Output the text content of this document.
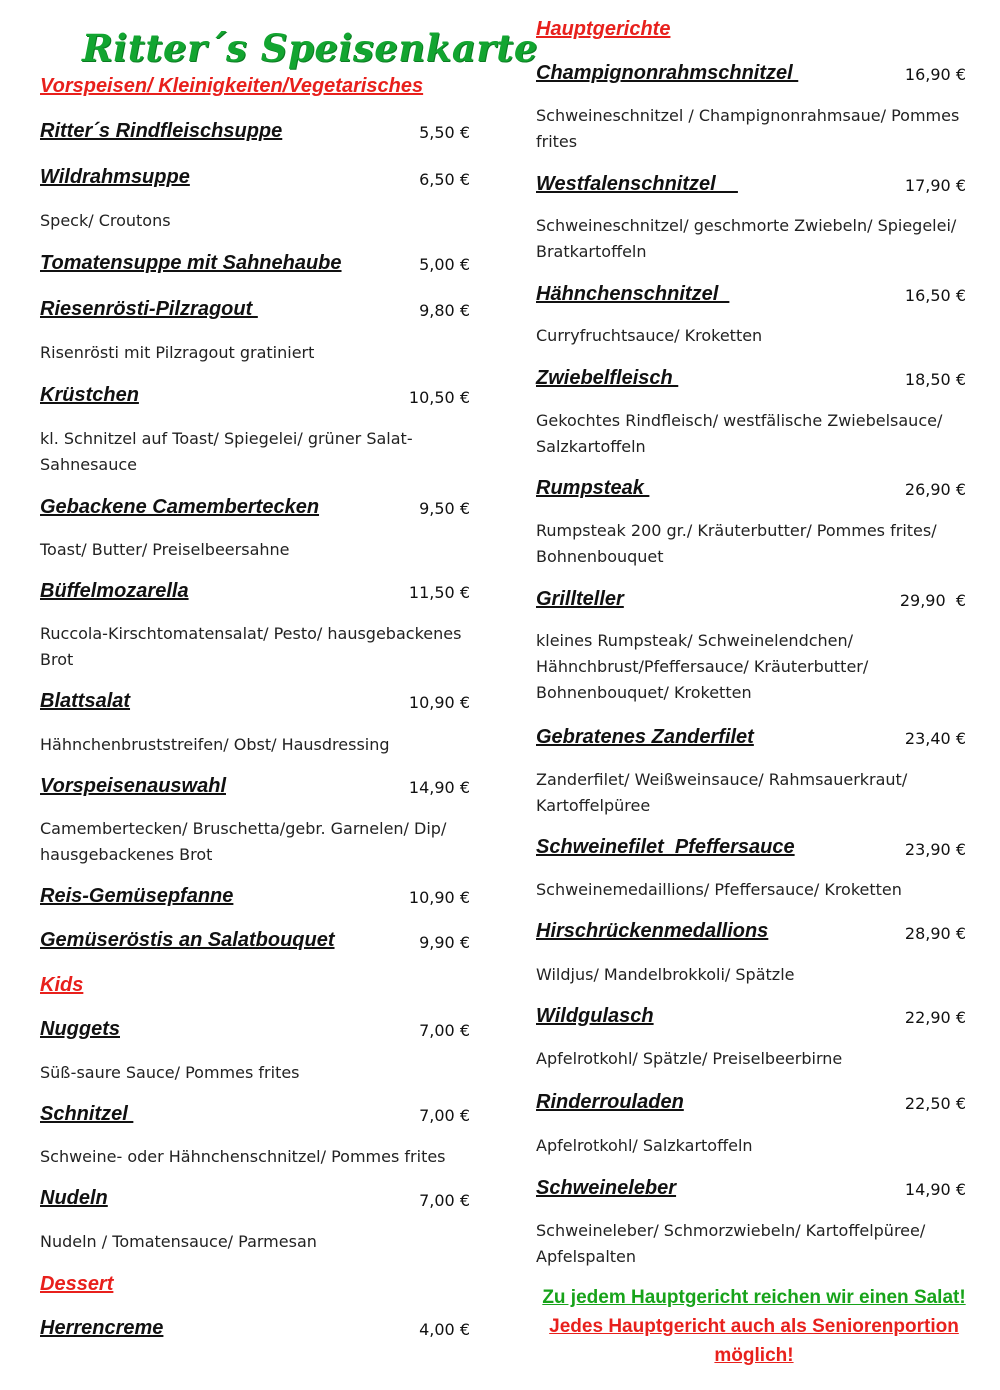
Ritter´s Speisenkarte
Vorspeisen/ Kleinigkeiten/Vegetarisches
Ritter´s Rindfleischsuppe	5,50 €
Wildrahmsuppe	6,50 €
Speck/ Croutons
Tomatensuppe mit Sahnehaube	5,00 €
Riesenrösti-Pilzragout	9,80 €
Risenrösti mit Pilzragout gratiniert
Krüstchen	10,50 €
kl. Schnitzel auf Toast/ Spiegelei/ grüner Salat-
Sahnesauce
Gebackene Camembertecken	9,50 €
Toast/ Butter/ Preiselbeersahne
Büffelmozarella	11,50 €
Ruccola-Kirschtomatensalat/ Pesto/ hausgebackenes
Brot
Blattsalat	10,90 €
Hähnchenbruststreifen/ Obst/ Hausdressing
Vorspeisenauswahl	14,90 €
Camembertecken/ Bruschetta/gebr. Garnelen/ Dip/
hausgebackenes Brot
Reis-Gemüsepfanne	10,90 €
Gemüseröstis an Salatbouquet	9,90 €
Kids
Nuggets	7,00 €
Süß-saure Sauce/ Pommes frites
Schnitzel	7,00 €
Schweine- oder Hähnchenschnitzel/ Pommes frites
Nudeln	7,00 €
Nudeln / Tomatensauce/ Parmesan
Dessert
Herrencreme	4,00 €
Hauptgerichte
Champignonrahmschnitzel	16,90 €
Schweineschnitzel / Champignonrahmsaue/ Pommes
frites
Westfalenschnitzel	17,90 €
Schweineschnitzel/ geschmorte Zwiebeln/ Spiegelei/
Bratkartoffeln
Hähnchenschnitzel	16,50 €
Curryfruchtsauce/ Kroketten
Zwiebelfleisch	18,50 €
Gekochtes Rindfleisch/ westfälische Zwiebelsauce/
Salzkartoffeln
Rumpsteak	26,90 €
Rumpsteak 200 gr./ Kräuterbutter/ Pommes frites/
Bohnenbouquet
Grillteller	29,90  €
kleines Rumpsteak/ Schweinelendchen/
Hähnchbrust/Pfeffersauce/ Kräuterbutter/
Bohnenbouquet/ Kroketten
Gebratenes Zanderfilet	23,40 €
Zanderfilet/ Weißweinsauce/ Rahmsauerkraut/
Kartoffelpüree
Schweinefilet  Pfeffersauce	23,90 €
Schweinemedaillions/ Pfeffersauce/ Kroketten
Hirschrückenmedallions	28,90 €
Wildjus/ Mandelbrokkoli/ Spätzle
Wildgulasch	22,90 €
Apfelrotkohl/ Spätzle/ Preiselbeerbirne
Rinderrouladen	22,50 €
Apfelrotkohl/ Salzkartoffeln
Schweineleber	14,90 €
Schweineleber/ Schmorzwiebeln/ Kartoffelpüree/
Apfelspalten
Zu jedem Hauptgericht reichen wir einen Salat!
Jedes Hauptgericht auch als Seniorenportion
möglich!
